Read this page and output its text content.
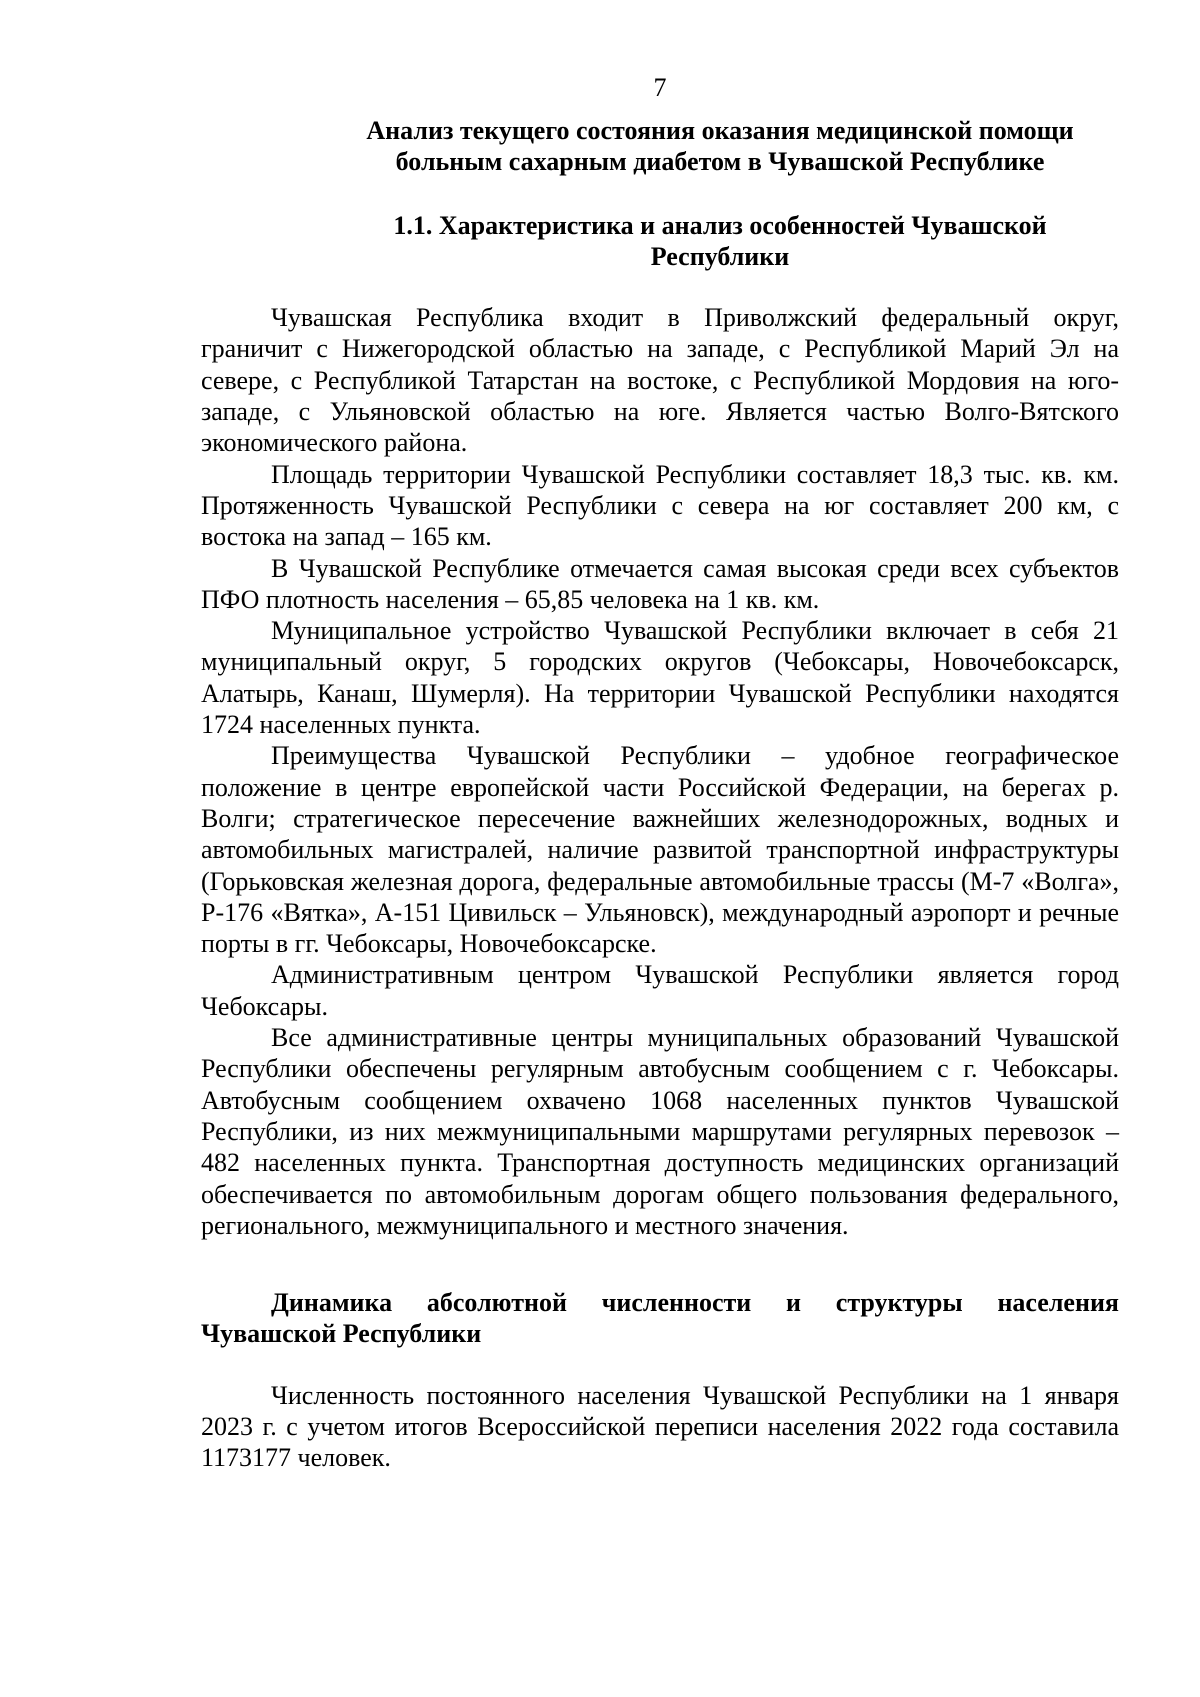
7
Анализ текущего состояния оказания медицинской помощи
больным сахарным диабетом в Чувашской Республике
1.1. Характеристика и анализ особенностей Чувашской Республики

Чувашская Республика входит в Приволжский федеральный округ, граничит с Нижегородской областью на западе, с Республикой Марий Эл на севере, с Республикой Татарстан на востоке, с Республикой Мордовия на юго-западе, с Ульяновской областью на юге. Является частью Волго-Вятского экономического района.

Площадь территории Чувашской Республики составляет 18,3 тыс. кв. км. Протяженность Чувашской Республики с севера на юг составляет 200 км, с востока на запад – 165 км.

В Чувашской Республике отмечается самая высокая среди всех субъектов ПФО плотность населения – 65,85 человека на 1 кв. км.

Муниципальное устройство Чувашской Республики включает в себя 21 муниципальный округ, 5 городских округов (Чебоксары, Новочебоксарск, Алатырь, Канаш, Шумерля). На территории Чувашской Республики находятся 1724 населенных пункта.

Преимущества Чувашской Республики – удобное географическое положение в центре европейской части Российской Федерации, на берегах р. Волги; стратегическое пересечение важнейших железнодорожных, водных и автомобильных магистралей, наличие развитой транспортной инфраструктуры (Горьковская железная дорога, федеральные автомобильные трассы (М-7 «Волга», Р-176 «Вятка», А-151 Цивильск – Ульяновск), международный аэропорт и речные порты в гг. Чебоксары, Новочебоксарске.

Административным центром Чувашской Республики является город Чебоксары.

Все административные центры муниципальных образований Чувашской Республики обеспечены регулярным автобусным сообщением с г. Чебоксары. Автобусным сообщением охвачено 1068 населенных пунктов Чувашской Республики, из них межмуниципальными маршрутами регулярных перевозок – 482 населенных пункта. Транспортная доступность медицинских организаций обеспечивается по автомобильным дорогам общего пользования федерального, регионального, межмуниципального и местного значения.

Динамика абсолютной численности и структуры населения Чувашской Республики

Численность постоянного населения Чувашской Республики на 1 января 2023 г. с учетом итогов Всероссийской переписи населения 2022 года составила 1173177 человек.
